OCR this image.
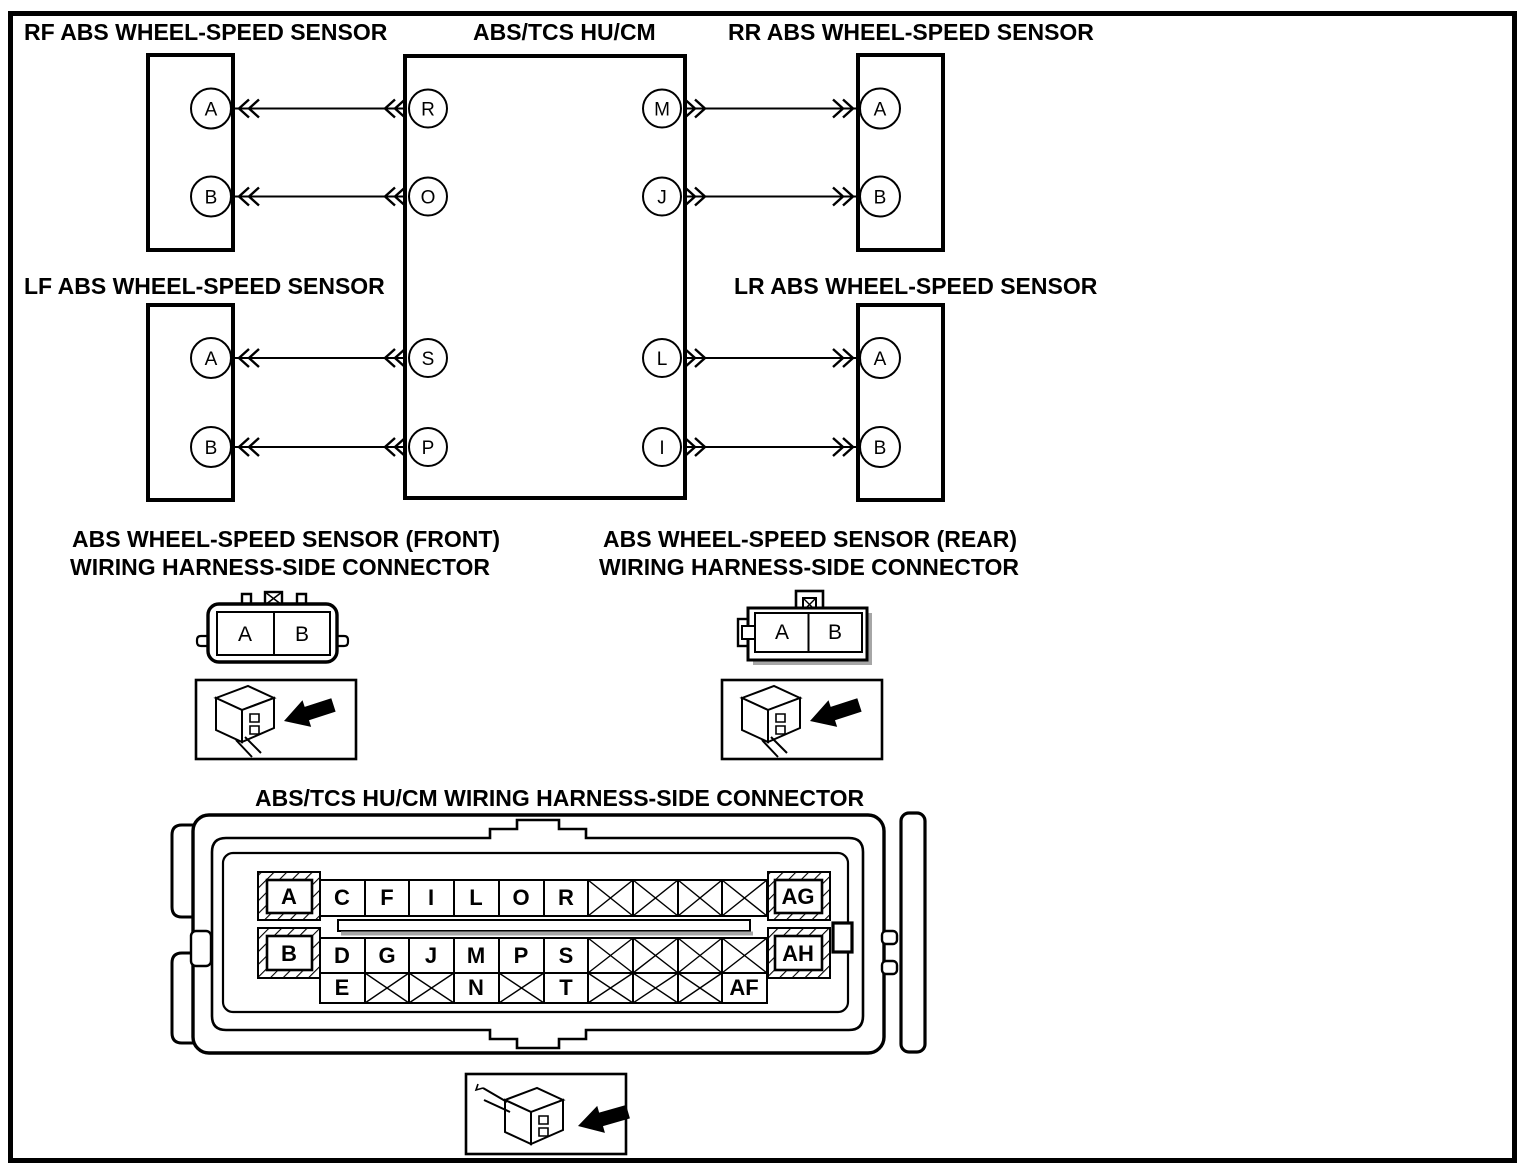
RF ABS WHEEL-SPEED SENSOR	ABS/TCS HU/CM	RR ABS WHEEL-SPEED SENSOR
LF ABS WHEEL-SPEED SENSOR	LR ABS WHEEL-SPEED SENSOR
A
B
A
B
A
B
A
B
R
O
M
J
S
P
L
I
ABS WHEEL-SPEED SENSOR (FRONT)
WIRING HARNESS-SIDE CONNECTOR
A B
ABS WHEEL-SPEED SENSOR (REAR)
WIRING HARNESS-SIDE CONNECTOR
A B
ABS/TCS HU/CM WIRING HARNESS-SIDE CONNECTOR
A
B
AG
AH
C F I L O R
D G J M P S
E	N	T	AF
